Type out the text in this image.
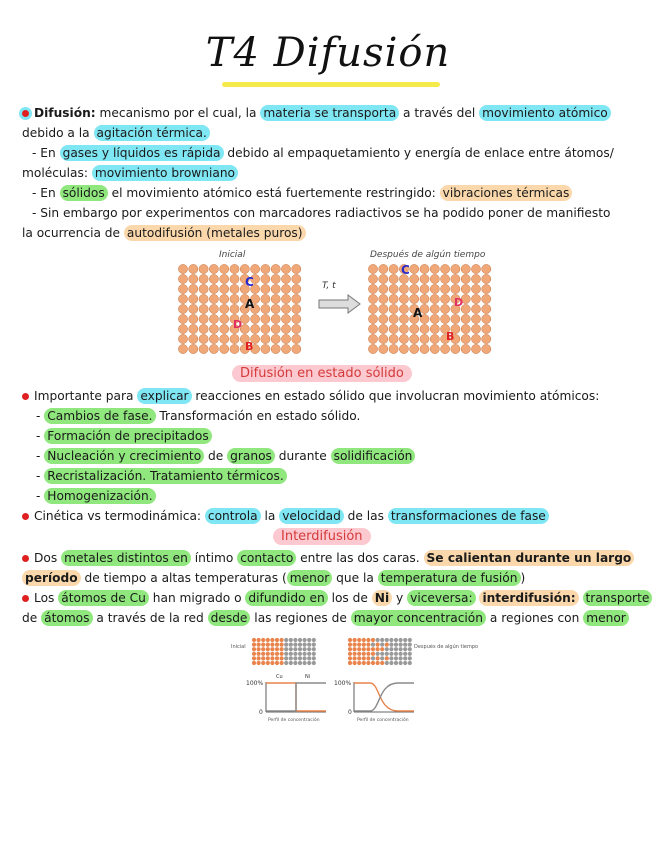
T4 Difusión
Difusión: mecanismo por el cual, la materia se transporta a través del movimiento atómico
debido a la agitación térmica.
- En gases y líquidos es rápida debido al empaquetamiento y energía de enlace entre átomos/
moléculas: movimiento browniano
- En sólidos el movimiento atómico está fuertemente restringido: vibraciones térmicas
- Sin embargo por experimentos con marcadores radiactivos se ha podido poner de manifiesto
la ocurrencia de autodifusión (metales puros)
Inicial	Después de algún tiempo
T, t
C
A
D
B
C
A
D
B
Difusión en estado sólido
Importante para explicar reacciones en estado sólido que involucran movimiento atómicos:
- Cambios de fase. Transformación en estado sólido.
- Formación de precipitados
- Nucleación y crecimiento de granos durante solidificación
- Recristalización. Tratamiento térmicos.
- Homogenización.
Cinética vs termodinámica: controla la velocidad de las transformaciones de fase
Interdifusión
Dos metales distintos en íntimo contacto entre las dos caras. Se calientan durante un largo
período de tiempo a altas temperaturas ( menor que la temperatura de fusión )
Los átomos de Cu han migrado o difundido en los de Ni y viceversa: interdifusión: transporte
de átomos a través de la red desde las regiones de mayor concentración a regiones con menor
Inicial	Después de algún tiempo
100%
0
Cu	Ni
Perfil de concentración
100%
0
Perfil de concentración
